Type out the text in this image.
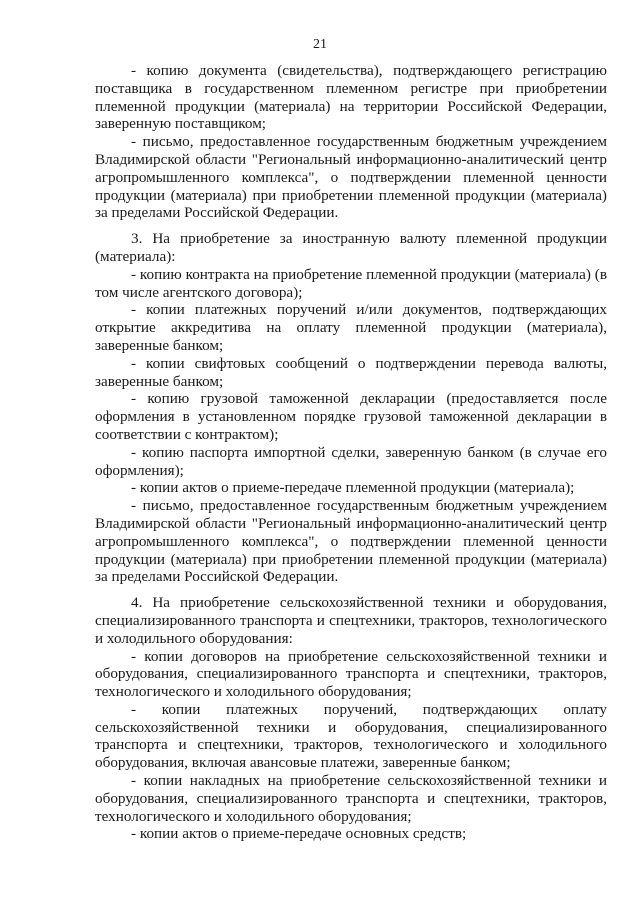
21

- копию документа (свидетельства), подтверждающего регистрацию поставщика в государственном племенном регистре при приобретении племенной продукции (материала) на территории Российской Федерации, заверенную поставщиком;

- письмо, предоставленное государственным бюджетным учреждением Владимирской области "Региональный информационно-аналитический центр агропромышленного комплекса", о подтверждении племенной ценности продукции (материала) при приобретении племенной продукции (материала) за пределами Российской Федерации.

3. На приобретение за иностранную валюту племенной продукции (материала):

- копию контракта на приобретение племенной продукции (материала) (в том числе агентского договора);

- копии платежных поручений и/или документов, подтверждающих открытие аккредитива на оплату племенной продукции (материала), заверенные банком;

- копии свифтовых сообщений о подтверждении перевода валюты, заверенные банком;

- копию грузовой таможенной декларации (предоставляется после оформления в установленном порядке грузовой таможенной декларации в соответствии с контрактом);

- копию паспорта импортной сделки, заверенную банком (в случае его оформления);

- копии актов о приеме-передаче племенной продукции (материала);

- письмо, предоставленное государственным бюджетным учреждением Владимирской области "Региональный информационно-аналитический центр агропромышленного комплекса", о подтверждении племенной ценности продукции (материала) при приобретении племенной продукции (материала) за пределами Российской Федерации.

4. На приобретение сельскохозяйственной техники и оборудования, специализированного транспорта и спецтехники, тракторов, технологического и холодильного оборудования:

- копии договоров на приобретение сельскохозяйственной техники и оборудования, специализированного транспорта и спецтехники, тракторов, технологического и холодильного оборудования;

- копии платежных поручений, подтверждающих оплату сельскохозяйственной техники и оборудования, специализированного транспорта и спецтехники, тракторов, технологического и холодильного оборудования, включая авансовые платежи, заверенные банком;

- копии накладных на приобретение сельскохозяйственной техники и оборудования, специализированного транспорта и спецтехники, тракторов, технологического и холодильного оборудования;

- копии актов о приеме-передаче основных средств;
